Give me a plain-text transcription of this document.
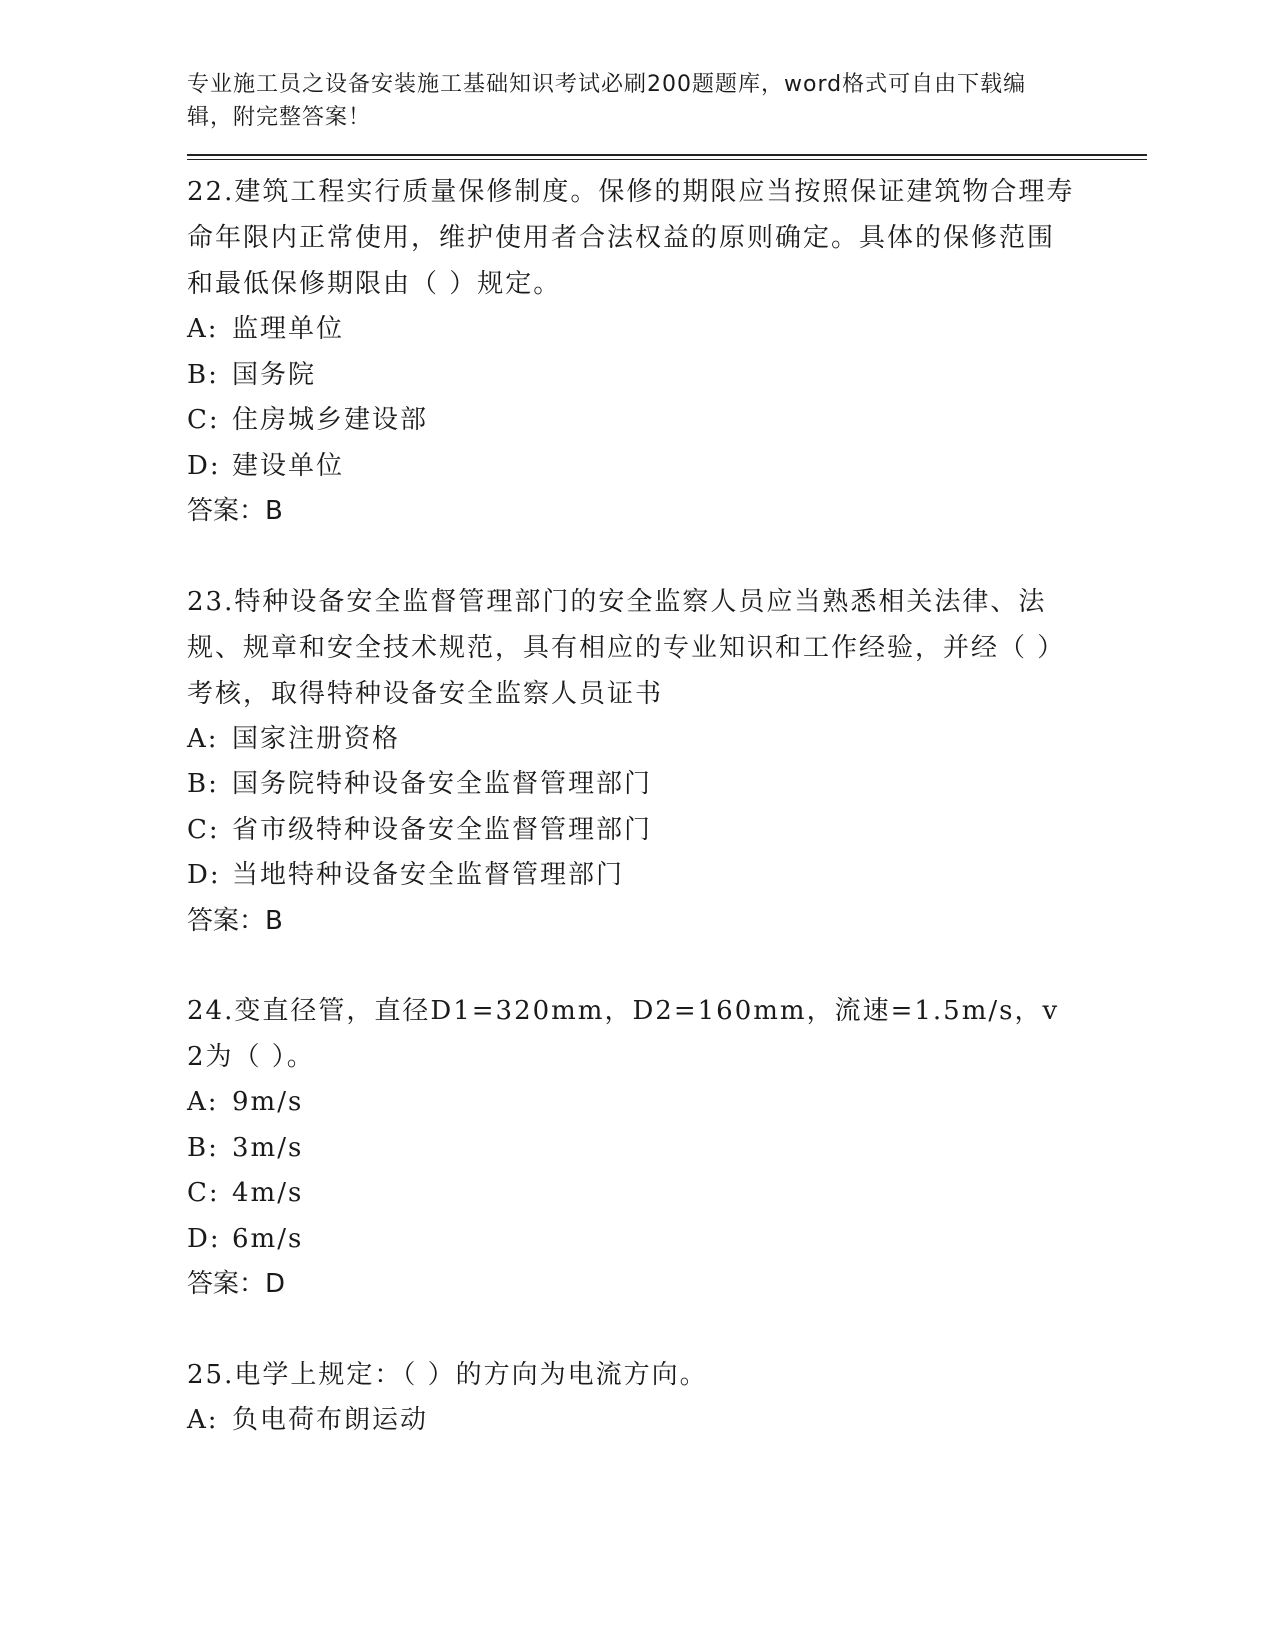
专业施工员之设备安装施工基础知识考试必刷200题题库，word格式可自由下载编辑，附完整答案！
22.建筑工程实行质量保修制度。保修的期限应当按照保证建筑物合理寿命年限内正常使用，维护使用者合法权益的原则确定。具体的保修范围和最低保修期限由（ ）规定。
A: 监理单位
B: 国务院
C: 住房城乡建设部
D: 建设单位
答案：B
23.特种设备安全监督管理部门的安全监察人员应当熟悉相关法律、法规、规章和安全技术规范，具有相应的专业知识和工作经验，并经（ ）考核，取得特种设备安全监察人员证书
A: 国家注册资格
B: 国务院特种设备安全监督管理部门
C: 省市级特种设备安全监督管理部门
D: 当地特种设备安全监督管理部门
答案：B
24.变直径管，直径D1=320mm，D2=160mm，流速=1.5m/s，v2为（ ）。
A: 9m/s
B: 3m/s
C: 4m/s
D: 6m/s
答案：D
25.电学上规定：（ ）的方向为电流方向。
A: 负电荷布朗运动
